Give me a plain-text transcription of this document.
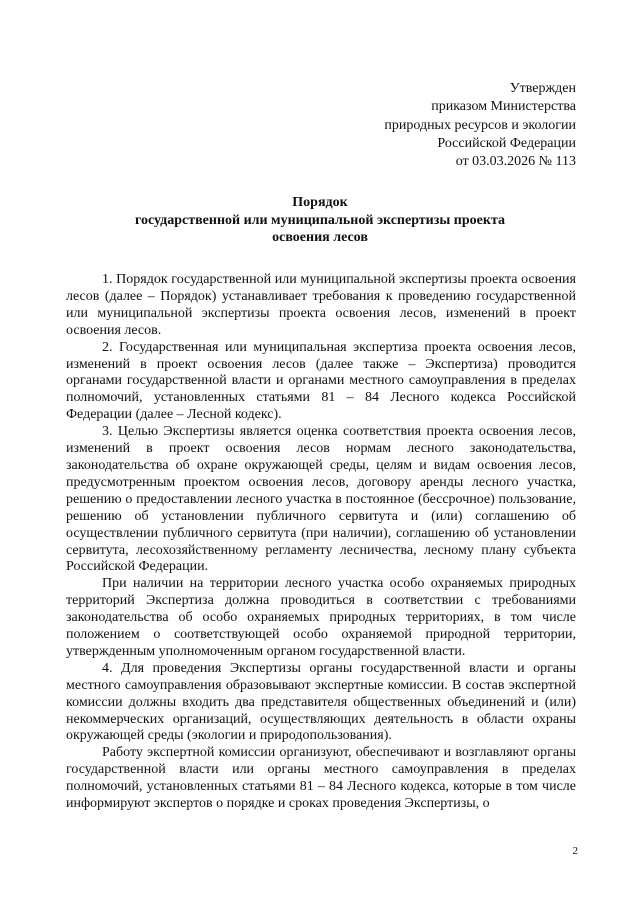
Утвержден
приказом Министерства
природных ресурсов и экологии
Российской Федерации
от 03.03.2026 № 113
Порядок
государственной или муниципальной экспертизы проекта
освоения лесов

1. Порядок государственной или муниципальной экспертизы проекта освоения лесов (далее – Порядок) устанавливает требования к проведению государственной или муниципальной экспертизы проекта освоения лесов, изменений в проект освоения лесов.

2. Государственная или муниципальная экспертиза проекта освоения лесов, изменений в проект освоения лесов (далее также – Экспертиза) проводится органами государственной власти и органами местного самоуправления в пределах полномочий, установленных статьями 81 – 84 Лесного кодекса Российской Федерации (далее – Лесной кодекс).

3. Целью Экспертизы является оценка соответствия проекта освоения лесов, изменений в проект освоения лесов нормам лесного законодательства, законодательства об охране окружающей среды, целям и видам освоения лесов, предусмотренным проектом освоения лесов, договору аренды лесного участка, решению о предоставлении лесного участка в постоянное (бессрочное) пользование, решению об установлении публичного сервитута и (или) соглашению об осуществлении публичного сервитута (при наличии), соглашению об установлении сервитута, лесохозяйственному регламенту лесничества, лесному плану субъекта Российской Федерации.

При наличии на территории лесного участка особо охраняемых природных территорий Экспертиза должна проводиться в соответствии с требованиями законодательства об особо охраняемых природных территориях, в том числе положением о соответствующей особо охраняемой природной территории, утвержденным уполномоченным органом государственной власти.

4. Для проведения Экспертизы органы государственной власти и органы местного самоуправления образовывают экспертные комиссии. В состав экспертной комиссии должны входить два представителя общественных объединений и (или) некоммерческих организаций, осуществляющих деятельность в области охраны окружающей среды (экологии и природопользования).

Работу экспертной комиссии организуют, обеспечивают и возглавляют органы государственной власти или органы местного самоуправления в пределах полномочий, установленных статьями 81 – 84 Лесного кодекса, которые в том числе информируют экспертов о порядке и сроках проведения Экспертизы, о

2
